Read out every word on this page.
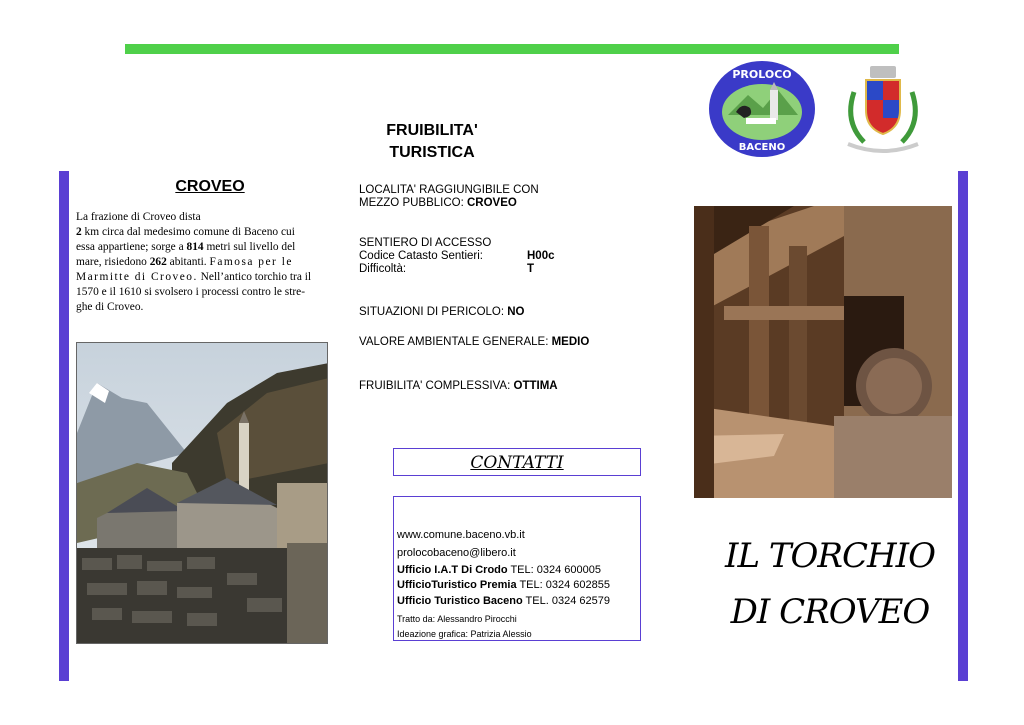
CROVEO
La frazione di Croveo dista
2 km circa dal medesimo comune di Baceno cui
essa appartiene; sorge a 814 metri sul livello del
mare, risiedono 262 abitanti. Famosa per le
Marmitte di Croveo. Nell’antico torchio tra il
1570 e il 1610 si svolsero i processi contro le stre-
ghe di Croveo.
FRUIBILITA'
TURISTICA
LOCALITA' RAGGIUNGIBILE CON
MEZZO PUBBLICO: CROVEO
SENTIERO DI ACCESSO
Codice Catasto Sentieri:	H00c
Difficoltà:	T
SITUAZIONI DI PERICOLO: NO
VALORE AMBIENTALE GENERALE: MEDIO
FRUIBILITA' COMPLESSIVA: OTTIMA
CONTATTI
www.comune.baceno.vb.it
prolocobaceno@libero.it
Ufficio I.A.T Di Crodo TEL: 0324 600005
UfficioTuristico Premia TEL: 0324 602855
Ufficio Turistico Baceno TEL. 0324 62579
Tratto da: Alessandro Pirocchi
Ideazione grafica: Patrizia Alessio
PROLOCO
BACENO
IL TORCHIO
DI CROVEO
